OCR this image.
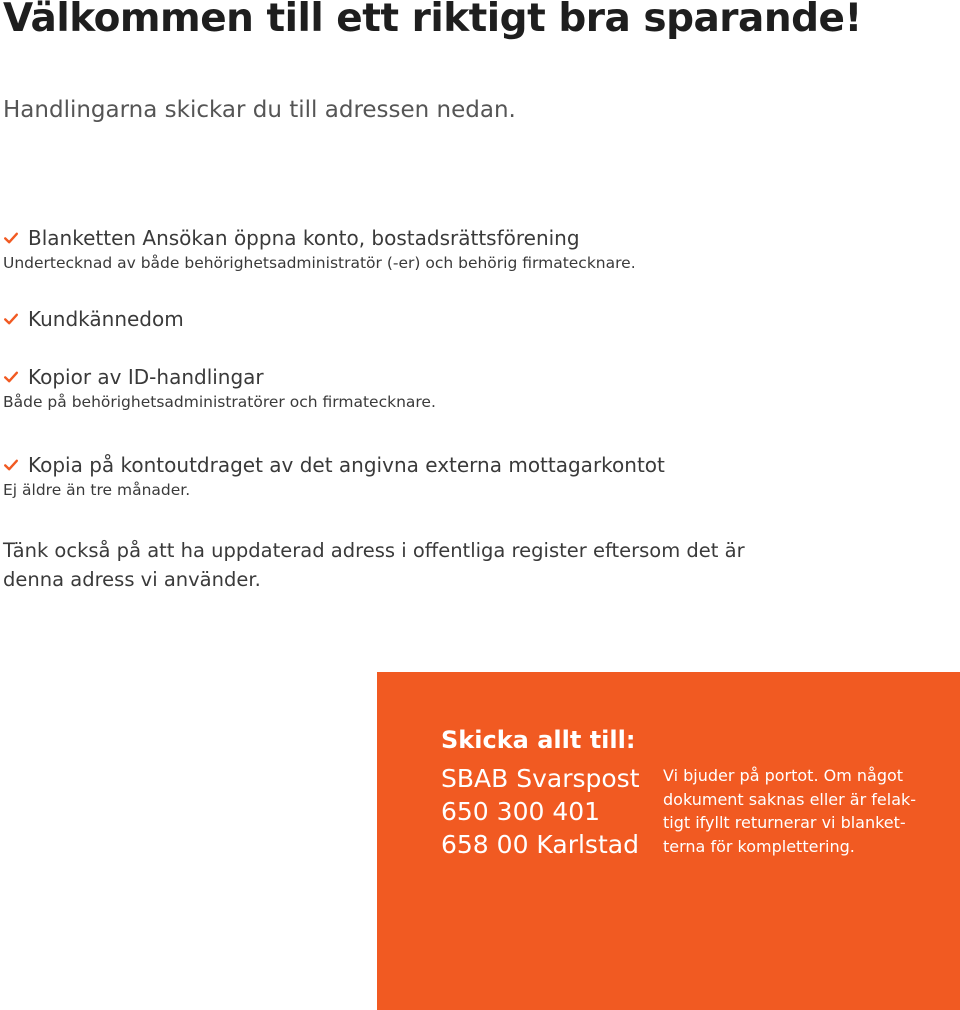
Välkommen till ett riktigt bra sparande!

Handlingarna skickar du till adressen nedan.

Blanketten Ansökan öppna konto, bostadsrättsförening
Undertecknad av både behörighetsadministratör (-er) och behörig firmatecknare.
Kundkännedom
Kopior av ID-handlingar
Både på behörighetsadministratörer och firmatecknare.
Kopia på kontoutdraget av det angivna externa mottagarkontot
Ej äldre än tre månader.

Tänk också på att ha uppdaterad adress i offentliga register eftersom det är denna adress vi använder.

Skicka allt till:
SBAB Svarspost
650 300 401
658 00 Karlstad
Vi bjuder på portot. Om något
dokument saknas eller är felak-
tigt ifyllt returnerar vi blanket-
terna för komplettering.
